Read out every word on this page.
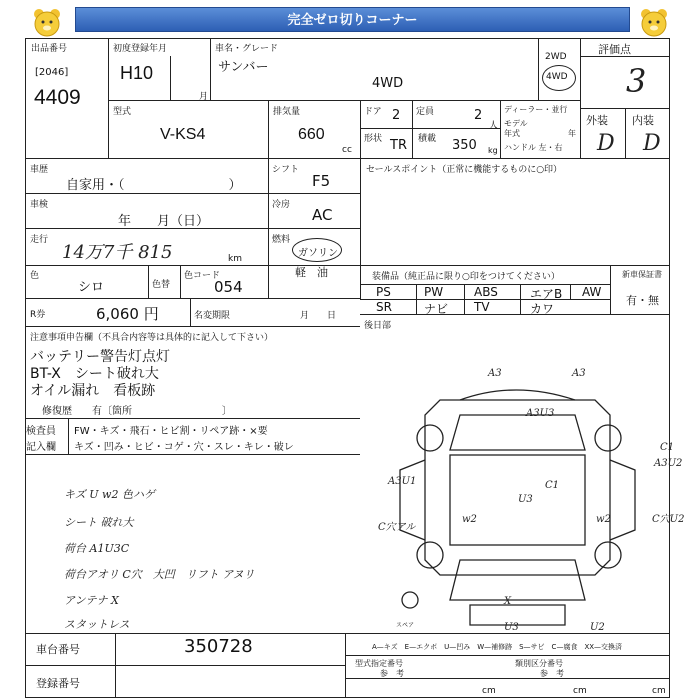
完全ゼロ切りコーナー
出品番号
[2046]
4409
初度登録年月
H10
月
車名・グレード
サンバー
4WD
2WD
4WD
評価点
3
外装 内装
D D
型式
V-KS4
排気量
660
cc
ドア 2 定員	2
人
ディーラー・並行
モデル
年式	年
ハンドル 左・右
形状 TR 積載 350 kg
車歴
自家用・（　　　　　　　　）
シフト
F5
車検
年　　月（日）
冷房
AC
走行
14万7千 815	km
燃料
ガソリン
軽　油
色
シロ	色替
色コード
054
R券	6,060 円	名変期限	月　　日
セールスポイント（正常に機能するものに○印）
装備品（純正品に限り○印をつけてください）	新車保証書
有・無
後日部
注意事項申告欄（不具合内容等は具体的に記入して下さい）
修復歴　　有〔箇所　　　　　　　　　〕
検査員
記入欄
FW・キズ・飛石・ヒビ割・リペア跡・×要
キズ・凹み・ヒビ・コゲ・穴・スレ・キレ・破レ
スペア
A—キズ　E—エクボ　U—凹み　W—補修跡　S—サビ　C—腐食　XX—交換済
車台番号	350728
登録番号
型式指定番号	類別区分番号
参　考	参　考
cm	cm	cm
PS	PW	ABS	エアB AW
SR	ナビ TV	カワ
バッテリー警告灯点灯
BT-X　シート破れ大
オイル漏れ　看板跡
キズ U w2 色ハゲ
シート 破れ大
荷台 A1U3C
荷台アオリ C穴　大凹　リフト アヌリ
アンテナ X
スタットレス
A3	A3
A3U3
C1
A3U2
A3U1
U3
C1
C穴U2
w2	w2
C穴アル
X
U3	U2
